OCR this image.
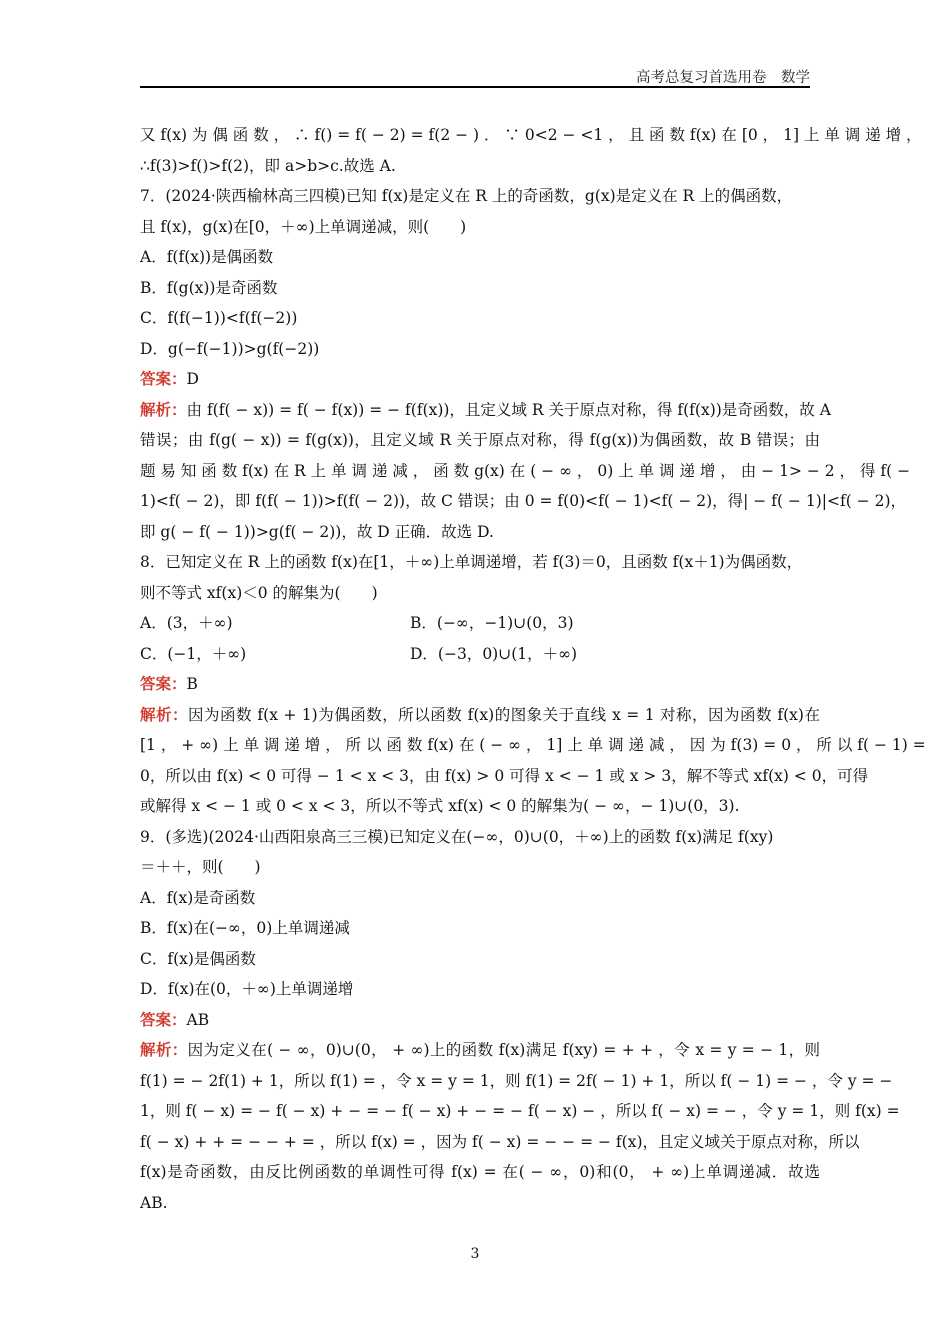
高考总复习首选用卷　数学
又 f(x) 为 偶 函 数 ， ∴ f() = f( − 2) = f(2 − ) ． ∵ 0<2 − <1 ， 且 函 数 f(x) 在 [0 ， 1] 上 单 调 递 增 ，
∴f(3)>f()>f(2)，即 a>b>c.故选 A.
7．(2024·陕西榆林高三四模)已知 f(x)是定义在 R 上的奇函数，g(x)是定义在 R 上的偶函数，
且 f(x)，g(x)在[0，＋∞)上单调递减，则(　　)
A．f(f(x))是偶函数
B．f(g(x))是奇函数
C．f(f(−1))<f(f(−2))
D．g(−f(−1))>g(f(−2))
答案：D
解析：由 f(f( − x)) = f( − f(x)) = − f(f(x))，且定义域 R 关于原点对称，得 f(f(x))是奇函数，故 A
错误；由 f(g( − x)) = f(g(x))，且定义域 R 关于原点对称，得 f(g(x))为偶函数，故 B 错误；由
题 易 知 函 数 f(x) 在 R 上 单 调 递 减 ， 函 数 g(x) 在 ( − ∞ ， 0) 上 单 调 递 增 ， 由 − 1> − 2 ， 得 f( −
1)<f( − 2)，即 f(f( − 1))>f(f( − 2))，故 C 错误；由 0 = f(0)<f( − 1)<f( − 2)，得| − f( − 1)|<f( − 2)，
即 g( − f( − 1))>g(f( − 2))，故 D 正确．故选 D.
8．已知定义在 R 上的函数 f(x)在[1，＋∞)上单调递增，若 f(3)＝0，且函数 f(x＋1)为偶函数，
则不等式 xf(x)＜0 的解集为(　　)
A．(3，＋∞)	B．(−∞，−1)∪(0，3)
C．(−1，＋∞)	D．(−3，0)∪(1，＋∞)
答案：B
解析：因为函数 f(x + 1)为偶函数，所以函数 f(x)的图象关于直线 x = 1 对称，因为函数 f(x)在
[1 ， + ∞) 上 单 调 递 增 ， 所 以 函 数 f(x) 在 ( − ∞ ， 1] 上 单 调 递 减 ， 因 为 f(3) = 0 ， 所 以 f( − 1) =
0，所以由 f(x) < 0 可得 − 1 < x < 3，由 f(x) > 0 可得 x < − 1 或 x > 3，解不等式 xf(x) < 0，可得
或解得 x < − 1 或 0 < x < 3，所以不等式 xf(x) < 0 的解集为( − ∞，− 1)∪(0，3).
9．(多选)(2024·山西阳泉高三三模)已知定义在(−∞，0)∪(0，＋∞)上的函数 f(x)满足 f(xy)
＝＋＋，则(　　)
A．f(x)是奇函数
B．f(x)在(−∞，0)上单调递减
C．f(x)是偶函数
D．f(x)在(0，＋∞)上单调递增
答案：AB
解析：因为定义在( − ∞，0)∪(0， + ∞)上的函数 f(x)满足 f(xy) = + + ，令 x = y = − 1，则
f(1) = − 2f(1) + 1，所以 f(1) = ，令 x = y = 1，则 f(1) = 2f( − 1) + 1，所以 f( − 1) = − ，令 y = −
1，则 f( − x) = − f( − x) + − = − f( − x) + − = − f( − x) − ，所以 f( − x) = − ，令 y = 1，则 f(x) =
f( − x) + + = − − + = ，所以 f(x) = ，因为 f( − x) = − − = − f(x)，且定义域关于原点对称，所以
f(x)是奇函数，由反比例函数的单调性可得 f(x) = 在( − ∞，0)和(0， + ∞)上单调递减．故选
AB.
3
